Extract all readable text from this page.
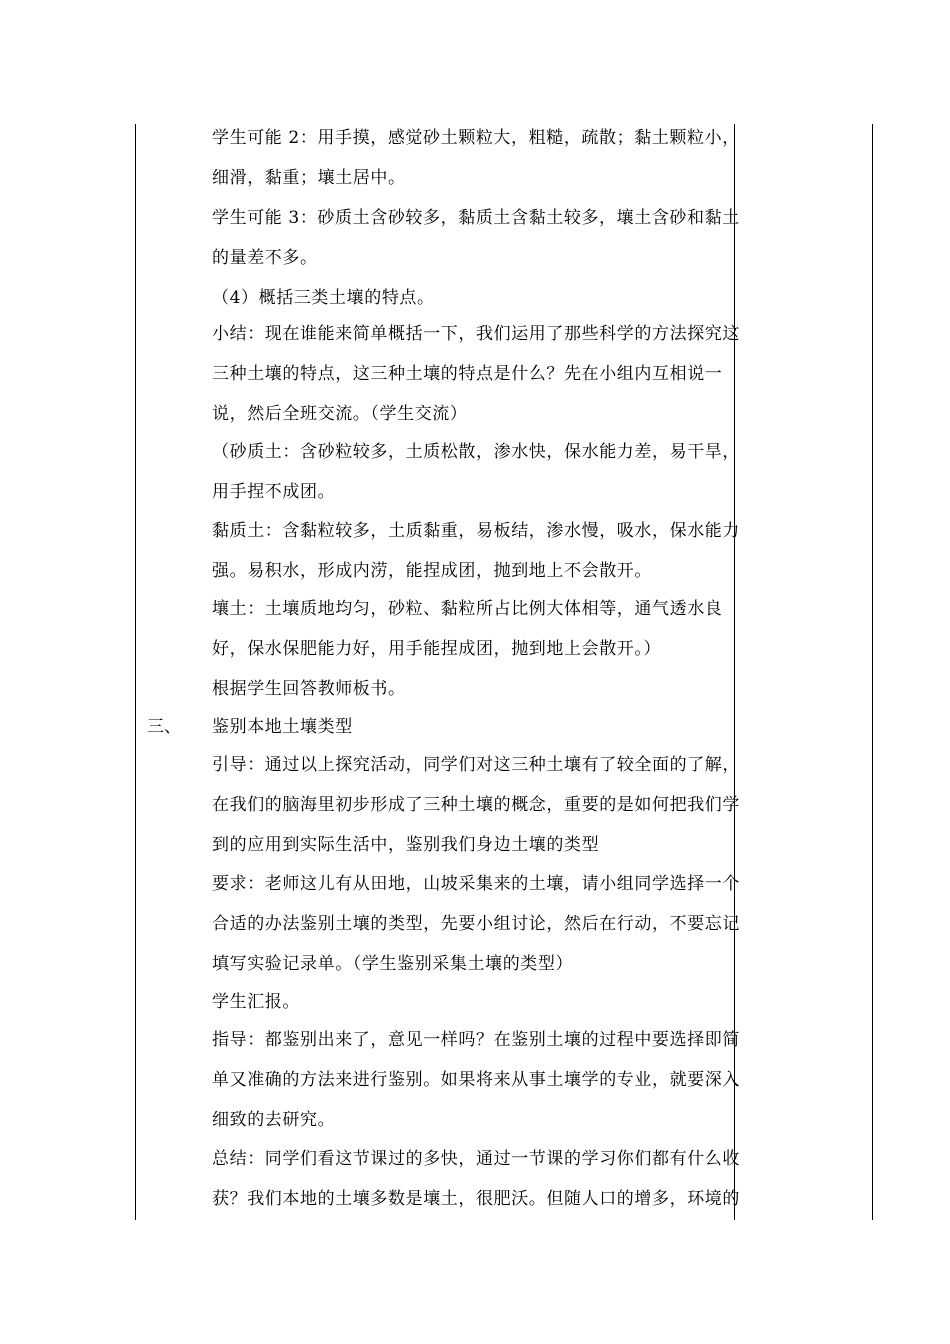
三、
学生可能 2：用手摸，感觉砂土颗粒大，粗糙，疏散；黏土颗粒小，
细滑，黏重；壤土居中。
学生可能 3：砂质土含砂较多，黏质土含黏土较多，壤土含砂和黏土
的量差不多。
（4）概括三类土壤的特点。
小结：现在谁能来简单概括一下，我们运用了那些科学的方法探究这
三种土壤的特点，这三种土壤的特点是什么？先在小组内互相说一
说，然后全班交流。（学生交流）
（砂质土：含砂粒较多，土质松散，渗水快，保水能力差，易干旱，
用手捏不成团。
黏质土：含黏粒较多，土质黏重，易板结，渗水慢，吸水，保水能力
强。易积水，形成内涝，能捏成团，抛到地上不会散开。
壤土：土壤质地均匀，砂粒、黏粒所占比例大体相等，通气透水良
好，保水保肥能力好，用手能捏成团，抛到地上会散开。）
根据学生回答教师板书。
鉴别本地土壤类型
引导：通过以上探究活动，同学们对这三种土壤有了较全面的了解，
在我们的脑海里初步形成了三种土壤的概念，重要的是如何把我们学
到的应用到实际生活中，鉴别我们身边土壤的类型
要求：老师这儿有从田地，山坡采集来的土壤，请小组同学选择一个
合适的办法鉴别土壤的类型，先要小组讨论，然后在行动，不要忘记
填写实验记录单。（学生鉴别采集土壤的类型）
学生汇报。
指导：都鉴别出来了，意见一样吗？在鉴别土壤的过程中要选择即简
单又准确的方法来进行鉴别。如果将来从事土壤学的专业，就要深入
细致的去研究。
总结：同学们看这节课过的多快，通过一节课的学习你们都有什么收
获？我们本地的土壤多数是壤土，很肥沃。但随人口的增多，环境的
